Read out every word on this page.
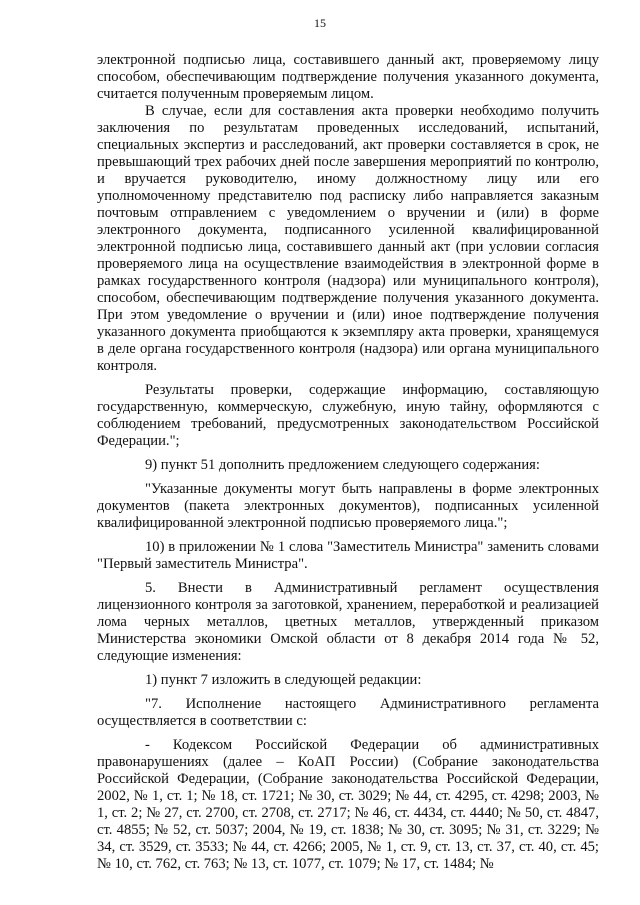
15

электронной подписью лица, составившего данный акт, проверяемому лицу способом, обеспечивающим подтверждение получения указанного документа, считается полученным проверяемым лицом.

В случае, если для составления акта проверки необходимо получить заключения по результатам проведенных исследований, испытаний, специальных экспертиз и расследований, акт проверки составляется в срок, не превышающий трех рабочих дней после завершения мероприятий по контролю, и вручается руководителю, иному должностному лицу или его уполномоченному представителю под расписку либо направляется заказным почтовым отправлением с уведомлением о вручении и (или) в форме электронного документа, подписанного усиленной квалифицированной электронной подписью лица, составившего данный акт (при условии согласия проверяемого лица на осуществление взаимодействия в электронной форме в рамках государственного контроля (надзора) или муниципального контроля), способом, обеспечивающим подтверждение получения указанного документа. При этом уведомление о вручении и (или) иное подтверждение получения указанного документа приобщаются к экземпляру акта проверки, хранящемуся в деле органа государственного контроля (надзора) или органа муниципального контроля.

Результаты проверки, содержащие информацию, составляющую государственную, коммерческую, служебную, иную тайну, оформляются с соблюдением требований, предусмотренных законодательством Российской Федерации.";

9) пункт 51 дополнить предложением следующего содержания:

"Указанные документы могут быть направлены в форме электронных документов (пакета электронных документов), подписанных усиленной квалифицированной электронной подписью проверяемого лица.";

10) в приложении № 1 слова "Заместитель Министра" заменить словами "Первый заместитель Министра".

5. Внести в Административный регламент осуществления лицензионного контроля за заготовкой, хранением, переработкой и реализацией лома черных металлов, цветных металлов, утвержденный приказом Министерства экономики Омской области от 8 декабря 2014 года № 52, следующие изменения:

1) пункт 7 изложить в следующей редакции:

"7. Исполнение настоящего Административного регламента осуществляется в соответствии с:

- Кодексом Российской Федерации об административных правонарушениях (далее – КоАП России) (Собрание законодательства Российской Федерации, (Собрание законодательства Российской Федерации, 2002, № 1, ст. 1; № 18, ст. 1721; № 30, ст. 3029; № 44, ст. 4295, ст. 4298; 2003, № 1, ст. 2; № 27, ст. 2700, ст. 2708, ст. 2717; № 46, ст. 4434, ст. 4440; № 50, ст. 4847, ст. 4855; № 52, ст. 5037; 2004, № 19, ст. 1838; № 30, ст. 3095; № 31, ст. 3229; № 34, ст. 3529, ст. 3533; № 44, ст. 4266; 2005, № 1, ст. 9, ст. 13, ст. 37, ст. 40, ст. 45; № 10, ст. 762, ст. 763; № 13, ст. 1077, ст. 1079; № 17, ст. 1484; №
